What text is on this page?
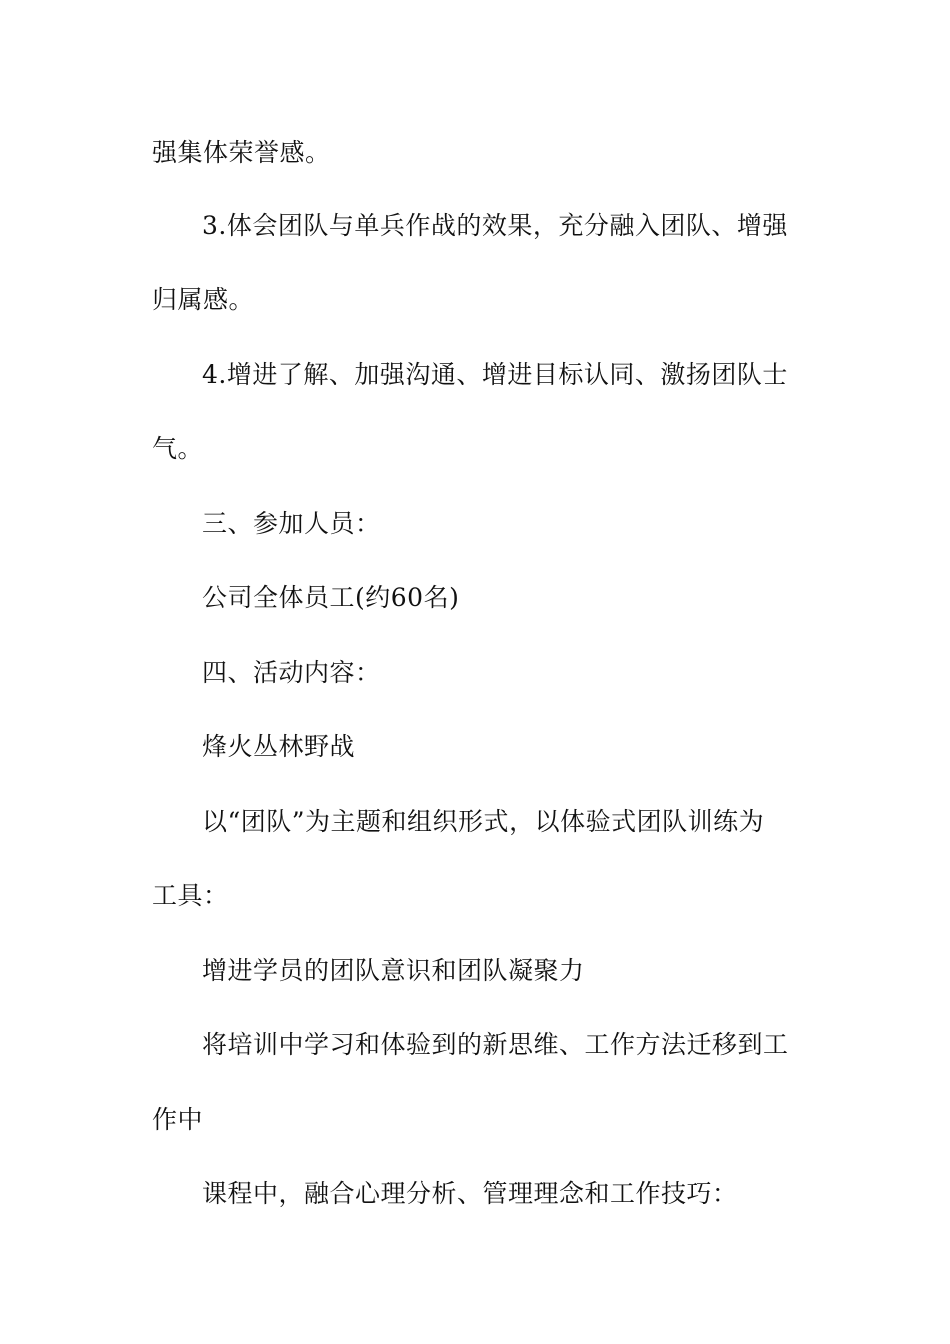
强集体荣誉感。
3.体会团队与单兵作战的效果，充分融入团队、增强
归属感。
4.增进了解、加强沟通、增进目标认同、激扬团队士
气。
三、参加人员：
公司全体员工(约60名)
四、活动内容：
烽火丛林野战
以“团队”为主题和组织形式，以体验式团队训练为
工具：
增进学员的团队意识和团队凝聚力
将培训中学习和体验到的新思维、工作方法迁移到工
作中
课程中，融合心理分析、管理理念和工作技巧：
